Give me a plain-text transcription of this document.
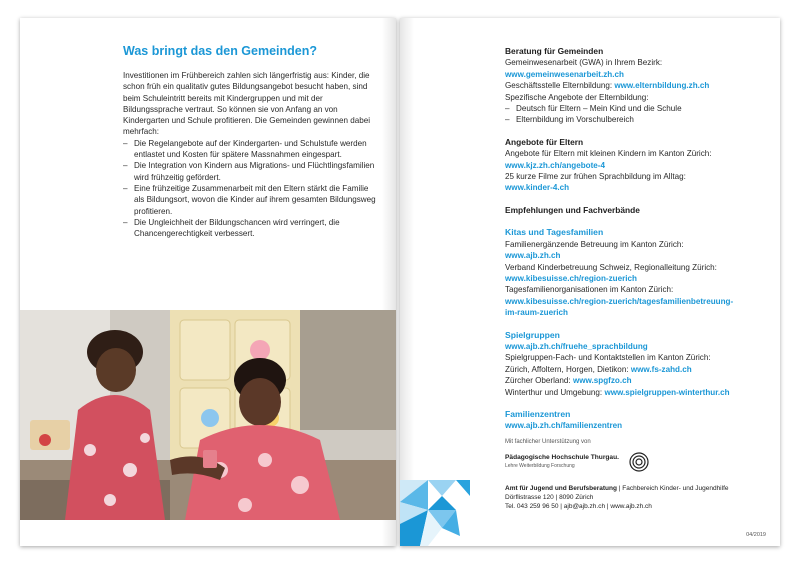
Was bringt das den Gemeinden?

Investitionen im Frühbereich zahlen sich längerfristig aus: Kinder, die schon früh ein qualitativ gutes Bildungsangebot besucht haben, sind beim Schuleintritt bereits mit Kindergruppen und mit der Bildungssprache vertraut. So können sie von Anfang an von Kindergarten und Schule profitieren. Die Gemeinden gewinnen dabei mehrfach:

– Die Regelangebote auf der Kindergarten- und Schulstufe werden entlastet und Kosten für spätere Massnahmen eingespart.
– Die Integration von Kindern aus Migrations- und Flüchtlingsfamilien wird frühzeitig gefördert.
– Eine frühzeitige Zusammenarbeit mit den Eltern stärkt die Familie als Bildungsort, wovon die Kinder auf ihrem gesamten Bildungsweg profitieren.
– Die Ungleichheit der Bildungschancen wird verringert, die Chancengerechtigkeit verbessert.
Beratung für Gemeinden
Gemeinwesenarbeit (GWA) in Ihrem Bezirk:
www.gemeinwesenarbeit.zh.ch
Geschäftsstelle Elternbildung: www.elternbildung.zh.ch
Spezifische Angebote der Elternbildung:
– Deutsch für Eltern – Mein Kind und die Schule
– Elternbildung im Vorschulbereich
Angebote für Eltern
Angebote für Eltern mit kleinen Kindern im Kanton Zürich:
www.kjz.zh.ch/angebote-4
25 kurze Filme zur frühen Sprachbildung im Alltag:
www.kinder-4.ch
Empfehlungen und Fachverbände
Kitas und Tagesfamilien
Familienergänzende Betreuung im Kanton Zürich:
www.ajb.zh.ch
Verband Kinderbetreuung Schweiz, Regionalleitung Zürich:
www.kibesuisse.ch/region-zuerich
Tagesfamilienorganisationen im Kanton Zürich:
www.kibesuisse.ch/region-zuerich/tagesfamilienbetreuung-
im-raum-zuerich
Spielgruppen
www.ajb.zh.ch/fruehe_sprachbildung
Spielgruppen-Fach- und Kontaktstellen im Kanton Zürich:
Zürich, Affoltern, Horgen, Dietikon: www.fs-zahd.ch
Zürcher Oberland: www.spgfzo.ch
Winterthur und Umgebung: www.spielgruppen-winterthur.ch
Familienzentren
www.ajb.zh.ch/familienzentren
Mit fachlicher Unterstützung von
Pädagogische Hochschule Thurgau.
Lehre Weiterbildung Forschung
Amt für Jugend und Berufsberatung | Fachbereich Kinder- und Jugendhilfe
Dörflistrasse 120 | 8090 Zürich
Tel. 043 259 96 50 | ajb@ajb.zh.ch | www.ajb.zh.ch
04/2019
